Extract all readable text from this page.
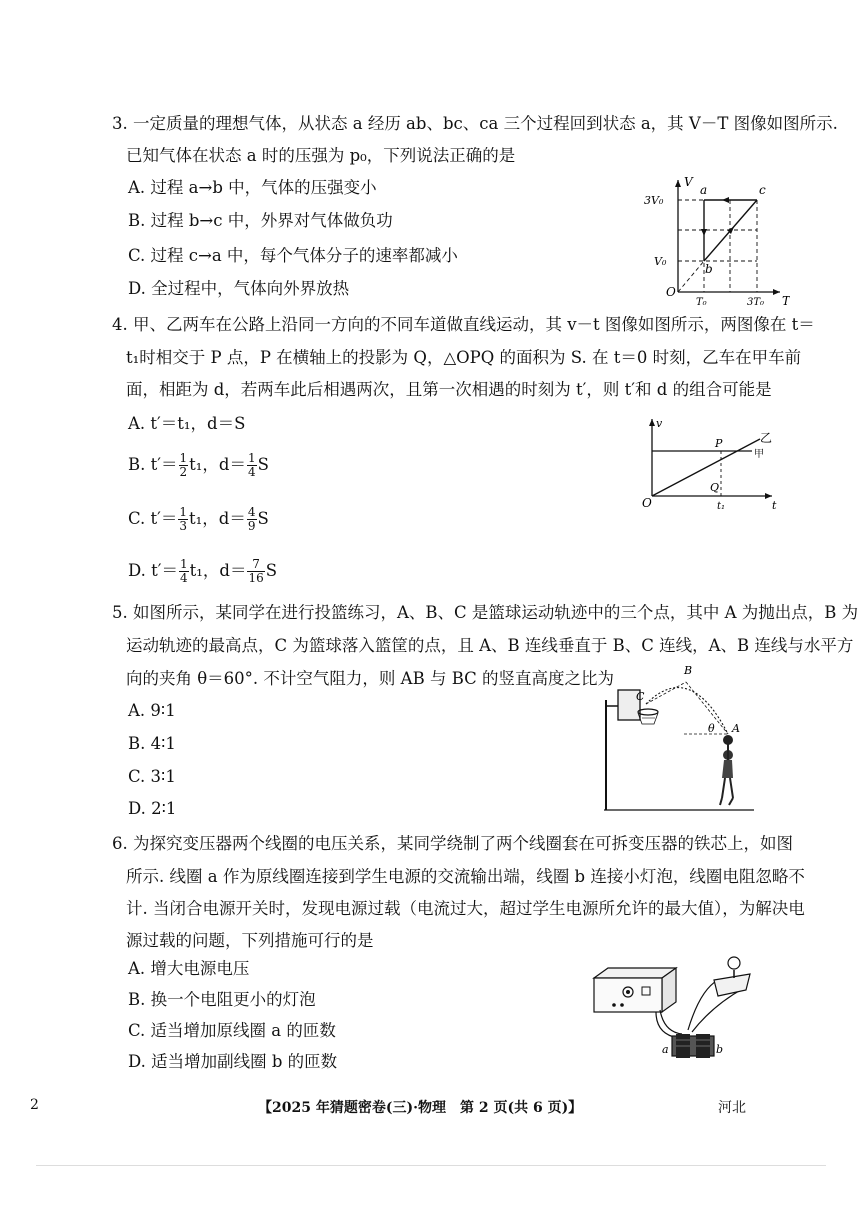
3. 一定质量的理想气体，从状态 a 经历 ab、bc、ca 三个过程回到状态 a，其 V－T 图像如图所示.
已知气体在状态 a 时的压强为 p₀，下列说法正确的是
A. 过程 a→b 中，气体的压强变小
B. 过程 b→c 中，外界对气体做负功
C. 过程 c→a 中，每个气体分子的速率都减小
D. 全过程中，气体向外界放热
V
T
3V₀
V₀
T₀	3T₀
O
a
b
c
4. 甲、乙两车在公路上沿同一方向的不同车道做直线运动，其 v－t 图像如图所示，两图像在 t＝
t₁时相交于 P 点，P 在横轴上的投影为 Q，△OPQ 的面积为 S. 在 t＝0 时刻，乙车在甲车前
面，相距为 d，若两车此后相遇两次，且第一次相遇的时刻为 t′，则 t′和 d 的组合可能是
A. t′＝t₁，d＝S
B. $t'= \frac{1}{2} t_1$，$d= \frac{1}{4}$ S
C. $t'= \frac{1}{3} t_1$，$d= \frac{4}{9}$ S
D. $t'= \frac{1}{4} t_1$，$d= \frac{7}{16}$ S
v
t
O
P
Q
t₁
乙
甲
5. 如图所示，某同学在进行投篮练习，A、B、C 是篮球运动轨迹中的三个点，其中 A 为抛出点，B 为
运动轨迹的最高点，C 为篮球落入篮筐的点，且 A、B 连线垂直于 B、C 连线，A、B 连线与水平方
向的夹角 θ＝60°. 不计空气阻力，则 AB 与 BC 的竖直高度之比为
A. 9∶1
B. 4∶1
C. 3∶1
D. 2∶1
B
A
C
θ
6. 为探究变压器两个线圈的电压关系，某同学绕制了两个线圈套在可拆变压器的铁芯上，如图
所示. 线圈 a 作为原线圈连接到学生电源的交流输出端，线圈 b 连接小灯泡，线圈电阻忽略不
计. 当闭合电源开关时，发现电源过载（电流过大，超过学生电源所允许的最大值），为解决电
源过载的问题，下列措施可行的是
A. 增大电源电压
B. 换一个电阻更小的灯泡
C. 适当增加原线圈 a 的匝数
D. 适当增加副线圈 b 的匝数
a	b
2	【2025 年猜题密卷(三)·物理　第 2 页(共 6 页)】	河北
